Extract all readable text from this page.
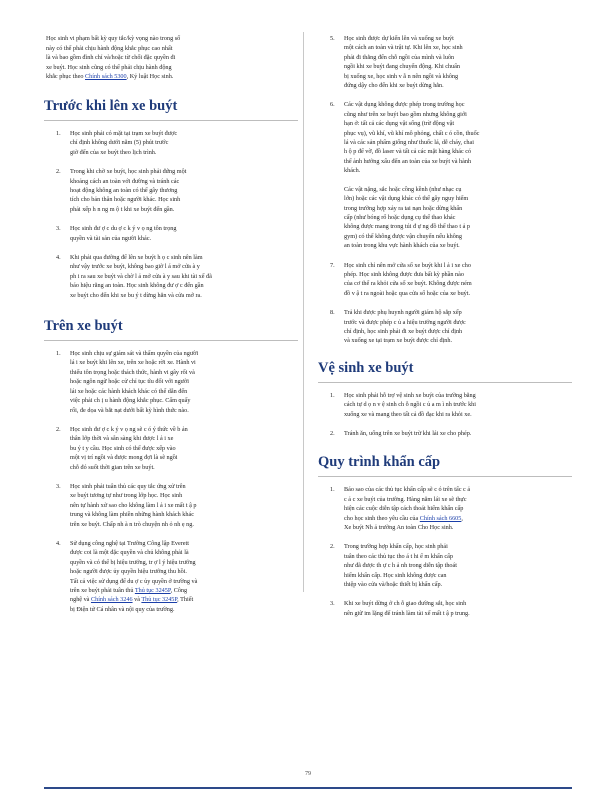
Học sinh vi phạm bất kỳ quy tắc/kỳ vọng nào trong số
này có thể phải chịu hành động khắc phục cao nhất
là và bao gồm đình chỉ và/hoặc từ chối đặc quyền đi
xe buýt. Học sinh cũng có thể phải chịu hành động
khắc phục theo Chính sách 5300, Kỷ luật Học sinh.

Trước khi lên xe buýt
1. Học sinh phải có mặt tại trạm xe buýt được
chỉ định không dưới năm (5) phút trước
giờ đến của xe buýt theo lịch trình.

2. Trong khi chờ xe buýt, học sinh phải đứng một
khoảng cách an toàn với đường và tránh các
hoạt động không an toàn có thể gây thương
tích cho bản thân hoặc người khác. Học sinh
phải xếp h n ng m ộ t khi xe buýt đến gần.

3. Học sinh đư ợ c du ợ c k ý v ọ ng tôn trọng
quyền và tài sản của người khác.

4. Khi phải qua đường để lên xe buýt h ọ c sinh nên làm
như vậy trước xe buýt, không bao giờ l á mở cửa à y
ph i ra sau xe buýt và chờ l ả mở cửa à y sau khi tài xế đã
báo hiệu rằng an toàn. Học sinh không đư ợ c đến gần
xe buýt cho đến khi xe bu ý t dừng hẳn và cửa mở ra.

Trên xe buýt
1. Học sinh chịu sự giám sát và thẩm quyền của người
lá i xe buýt khi lên xe, trên xe hoặc rời xe. Hành vi
thiếu tôn trọng hoặc thách thức, hành vi gây rối và
hoặc ngôn ngữ hoặc cử chỉ tục tĩu đối với người
lái xe hoặc các hành khách khác có thể dẫn đến
việc phải ch ị u hành động khắc phục. Cấm quấy
rối, đe dọa và bắt nạt dưới bất kỳ hình thức nào.

2. Học sinh đư ợ c k ý v ọ ng sẽ c ó ý thức về b ản
thân lớp thời và sẵn sàng khi được l ả i xe
bu ý t y cầu. Học sinh có thể được xếp vào
một vị trí ngồi và được mong đợi là sẽ ngồi
chỗ đó suốt thời gian trên xe buýt.

3. Học sinh phải tuân thủ các quy tắc ứng xử trên
xe buýt tương tự như trong lớp học. Học sinh
nên tự hành xử sao cho không làm l ả i xe mất t ậ p
trung và không làm phiền những hành khách khác
trên xe buýt. Chấp nh à n trò chuyện nh ỏ nh ẹ ng.

4. Sử dụng công nghệ tại Trường Công lập Everett
được coi là một đặc quyền và chủ không phải là
quyền và có thể bị hiệu trưởng, tr ợ l ý hiệu trưởng
hoặc người được ủy quyền hiệu trưởng thu hồi.
Tất cả việc sử dụng để du ợ c ủy quyền ở trường và
trên xe buýt phải tuân thủ Thủ tục 3245P, Công
nghệ và Chính sách 3246 và Thủ tục 3245P, Thiết
bị Điện tử Cá nhân và nội quy của trường.

5. Học sinh được dự kiến lên và xuống xe buýt
một cách an toàn và trật tự. Khi lên xe, học sinh
phải đi thẳng đến chỗ ngồi của mình và luôn
ngồi khi xe buýt đang chuyển động. Khi chuẩn
bị xuống xe, học sinh v ẫ n nên ngồi và không
đứng dậy cho đến khi xe buýt dừng hẳn.

6. Các vật dụng không được phép trong trường học
cũng như trên xe buýt bao gồm nhưng không giới
hạn ở: tất cả các dụng vật sống (trừ động vật
phục vụ), vũ khí, vũ khí mô phỏng, chất c ó cồn, thuốc
lá và các sản phẩm giống như thuốc lá, dễ cháy, chai
h ộ p để vỡ, đồ laser và tất cả các mặt hàng khác có
thể ảnh hưởng xấu đến an toàn của xe buýt và hành
khách.

Các vật nặng, sắc hoặc cồng kềnh (như nhạc cụ
lớn) hoặc các vật dụng khác có thể gây nguy hiểm
trong trường hợp xảy ra tai nạn hoặc dừng khẩn
cấp (như bóng rổ hoặc dụng cụ thể thao khác
không được mang trong túi đ ự ng đồ thể thao t ả p
gym) có thể không được vận chuyển nếu không
an toàn trong khu vực hành khách của xe buýt.

7. Học sinh chỉ nên mở cửa sổ xe buýt khi l ả i xe cho
phép. Học sinh không được đưa bất kỳ phần nào
của cơ thể ra khỏi cửa sổ xe buýt. Không được ném
đồ v ậ t ra ngoài hoặc qua cửa sổ hoặc của xe buýt.

8. Trả khi được phụ huynh người giám hộ sắp xếp
trước và được phép c ủ a hiệu trưởng người được
chỉ định, học sinh phải đi xe buýt được chỉ định
và xuống xe tại trạm xe buýt được chỉ định.

Vệ sinh xe buýt
1. Học sinh phải hỗ trợ vệ sinh xe buýt của trường bằng
cách tự d ọ n v ệ sinh ch ỗ ngồi c ủ a m ì nh trước khi
xuống xe và mang theo tất cả đồ đạc khi ra khỏi xe.

2. Tránh ăn, uống trên xe buýt trừ khi lái xe cho phép.

Quy trình khẩn cấp
1. Báo sao của các thủ tục khẩn cấp sẽ c ó trên tấc c ả
c ả c xe buýt của trường. Hàng năm lái xe sẽ thực
hiện các cuộc diễn tập cách thoát hiểm khẩn cấp
cho học sinh theo yêu cầu của Chính sách 6605,
Xe buýt Nh ả trường An toàn Cho Học sinh.

2. Trong trường hợp khẩn cấp, học sinh phải
tuân theo các thủ tục tho á t hi ể m khẩn cấp
như đã được th ự c h ả nh trong diễn tập thoát
hiểm khẩn cấp. Học sinh không được can
thiệp vào cửa và/hoặc thiết bị khẩn cấp.

3. Khi xe buýt dừng ở ch ỗ giao đường sắt, học sinh
nên giữ im lặng để tránh làm tài xế mất t ậ p trung.

79
